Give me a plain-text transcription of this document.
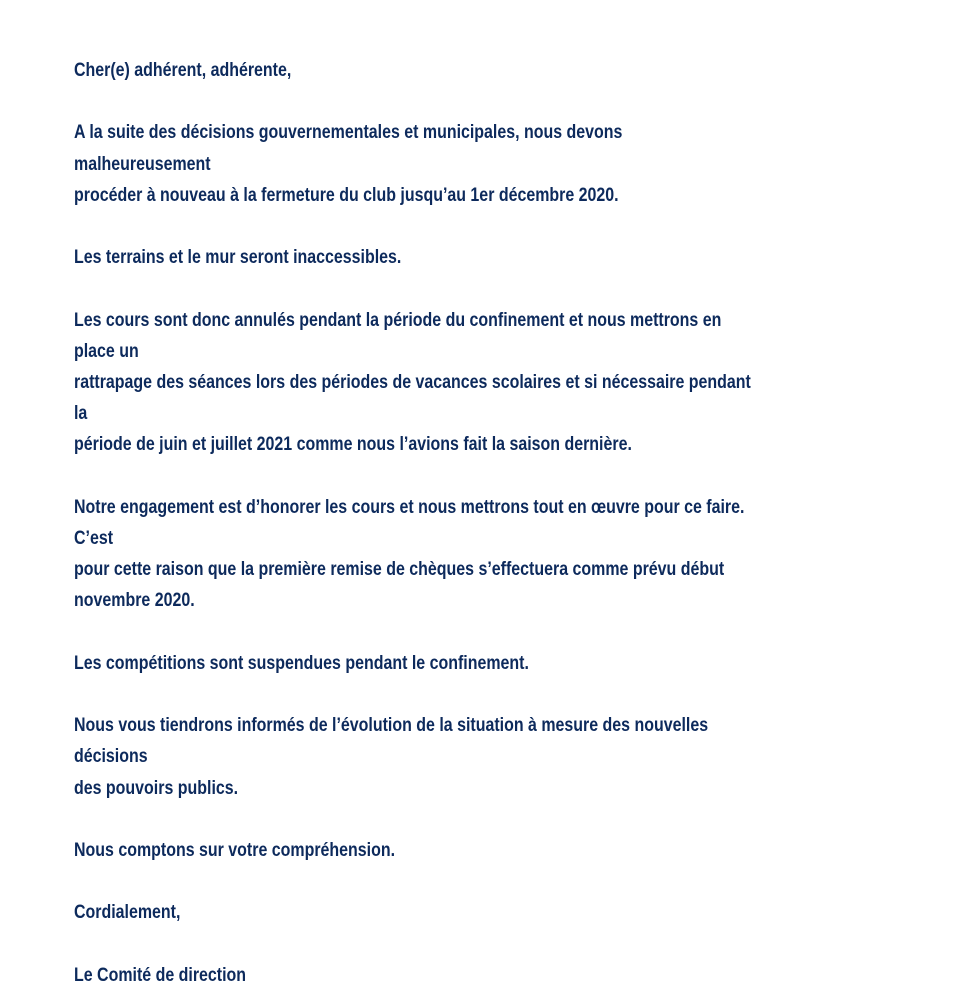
Cher(e) adhérent, adhérente,

A la suite des décisions gouvernementales et municipales, nous devons malheureusement
procéder à nouveau à la fermeture du club jusqu’au 1er décembre 2020.

Les terrains et le mur seront inaccessibles.

Les cours sont donc annulés pendant la période du confinement et nous mettrons en place un
rattrapage des séances lors des périodes de vacances scolaires et si nécessaire pendant la
période de juin et juillet 2021 comme nous l’avions fait la saison dernière.

Notre engagement est d’honorer les cours et nous mettrons tout en œuvre pour ce faire. C’est
pour cette raison que la première remise de chèques s’effectuera comme prévu début
novembre 2020.

Les compétitions sont suspendues pendant le confinement.

Nous vous tiendrons informés de l’évolution de la situation à mesure des nouvelles décisions
des pouvoirs publics.

Nous comptons sur votre compréhension.

Cordialement,

Le Comité de direction
